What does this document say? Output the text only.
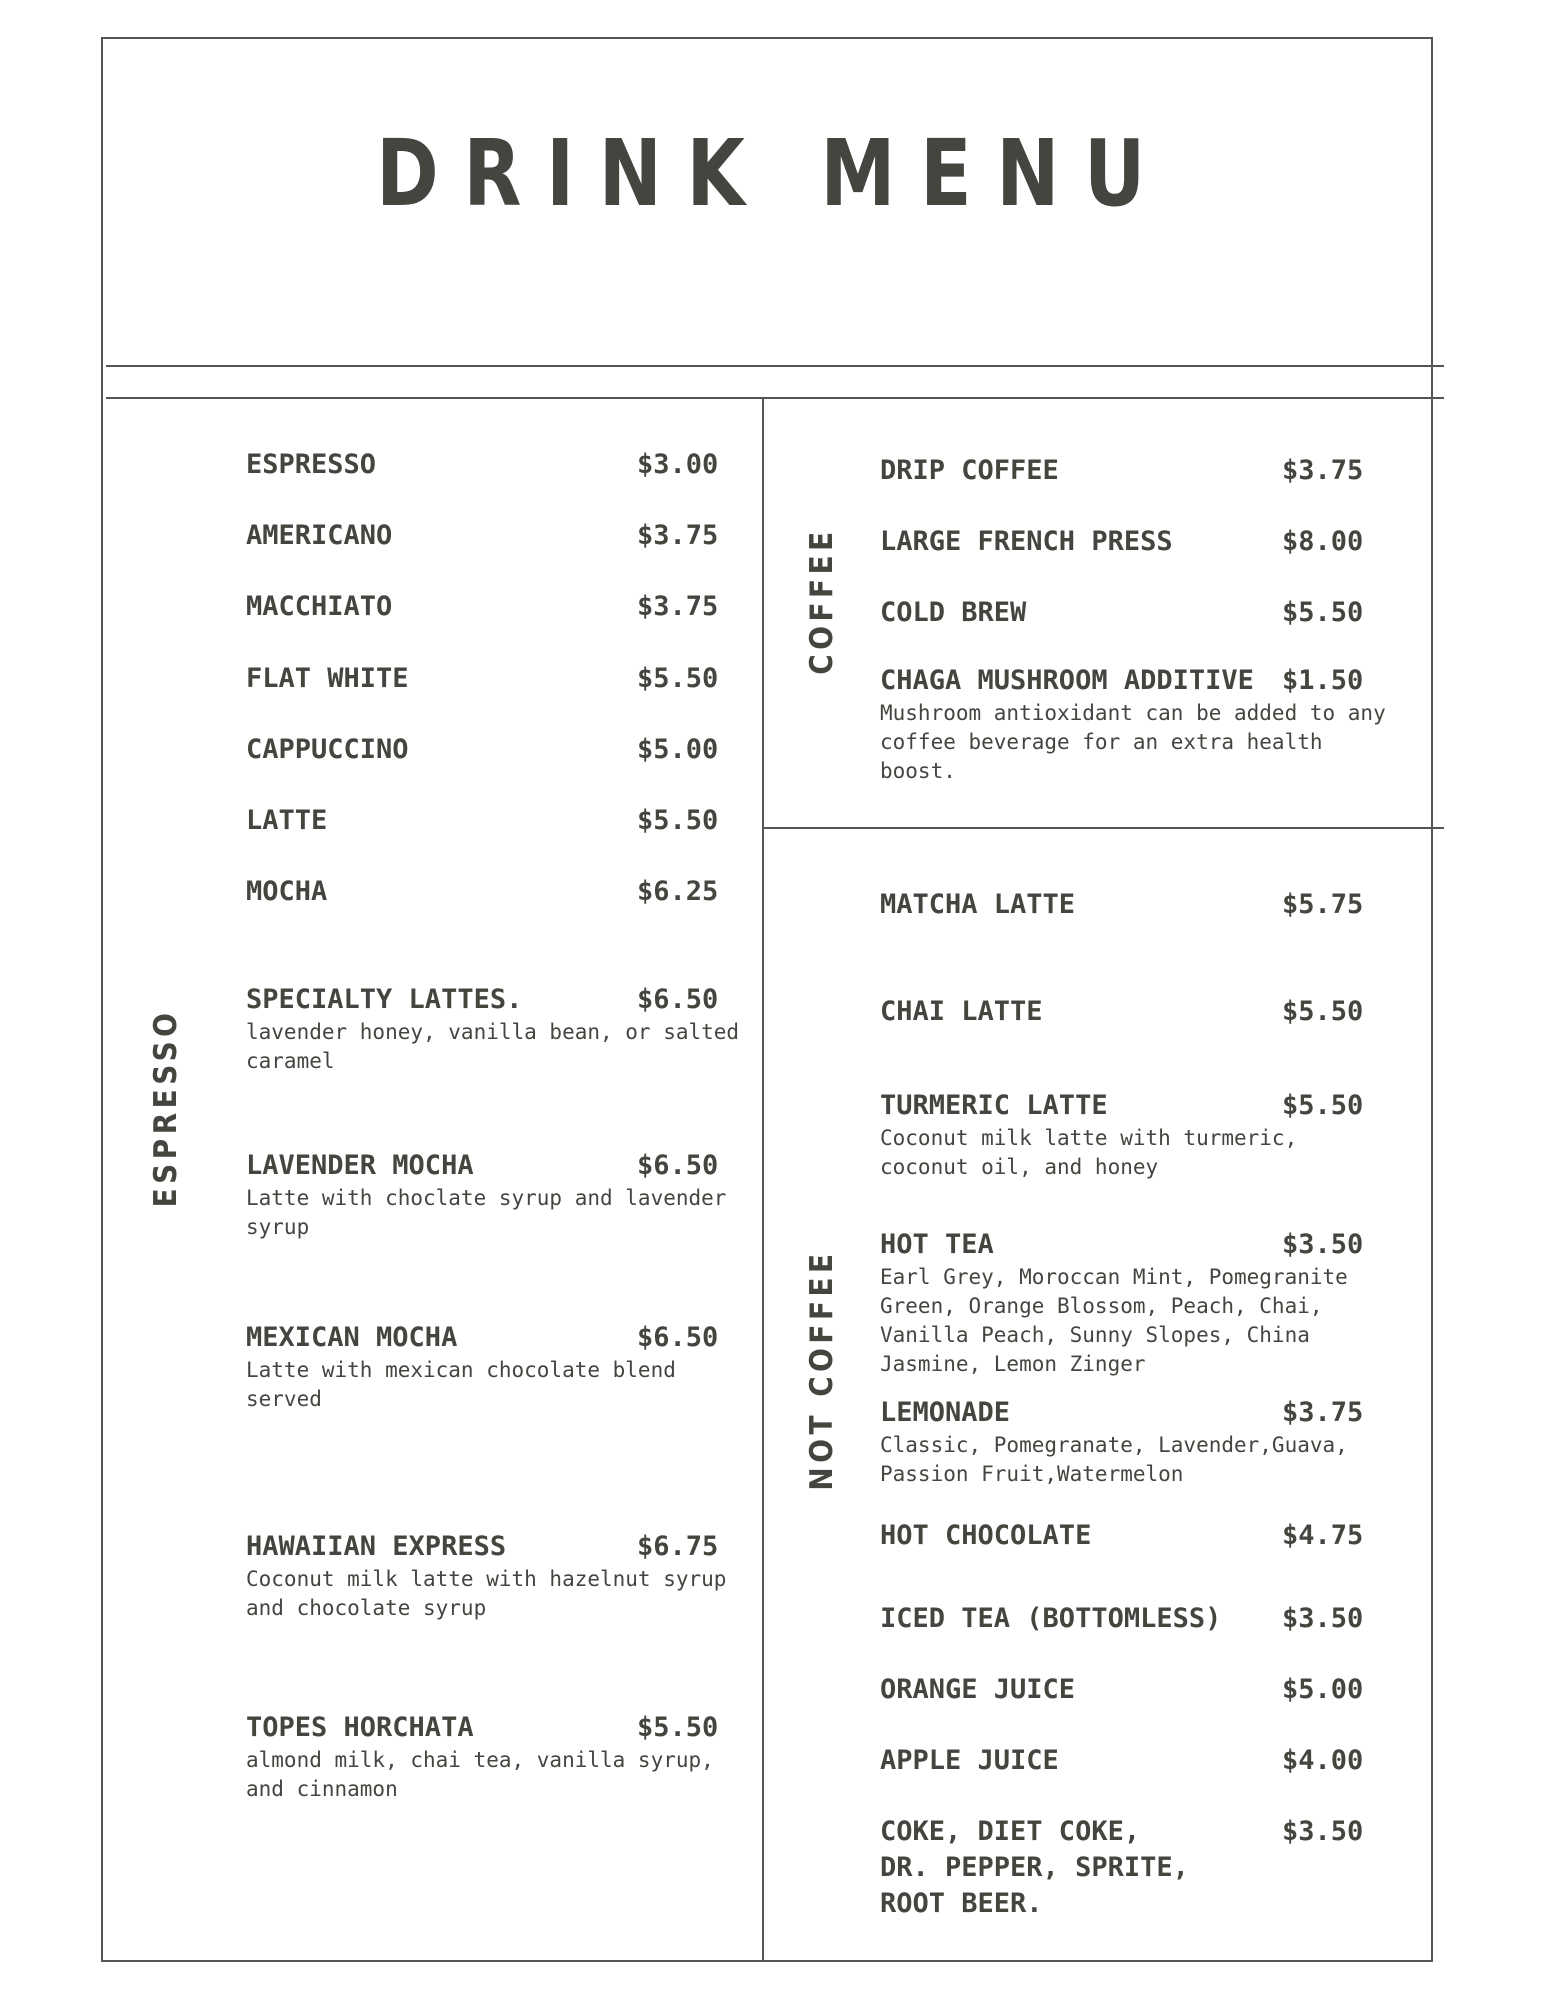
DRINK MENU
ESPRESSO
COFFEE
NOT COFFEE
ESPRESSO	$3.00
AMERICANO	$3.75
MACCHIATO	$3.75
FLAT WHITE	$5.50
CAPPUCCINO	$5.00
LATTE	$5.50
MOCHA	$6.25
SPECIALTY LATTES.	$6.50
lavender honey, vanilla bean, or salted
caramel
LAVENDER MOCHA	$6.50
Latte with choclate syrup and lavender
syrup
MEXICAN MOCHA	$6.50
Latte with mexican chocolate blend
served
HAWAIIAN EXPRESS	$6.75
Coconut milk latte with hazelnut syrup
and chocolate syrup
TOPES HORCHATA	$5.50
almond milk, chai tea, vanilla syrup,
and cinnamon
DRIP COFFEE	$3.75
LARGE FRENCH PRESS	$8.00
COLD BREW	$5.50
CHAGA MUSHROOM ADDITIVE $1.50
Mushroom antioxidant can be added to any
coffee beverage for an extra health
boost.
MATCHA LATTE	$5.75
CHAI LATTE	$5.50
TURMERIC LATTE	$5.50
Coconut milk latte with turmeric,
coconut oil, and honey
HOT TEA	$3.50
Earl Grey, Moroccan Mint, Pomegranite
Green, Orange Blossom, Peach, Chai,
Vanilla Peach, Sunny Slopes, China
Jasmine, Lemon Zinger
LEMONADE	$3.75
Classic, Pomegranate, Lavender,Guava,
Passion Fruit,Watermelon
HOT CHOCOLATE	$4.75
ICED TEA (BOTTOMLESS) $3.50
ORANGE JUICE	$5.00
APPLE JUICE	$4.00
COKE, DIET COKE,
DR. PEPPER, SPRITE,
ROOT BEER.
$3.50
